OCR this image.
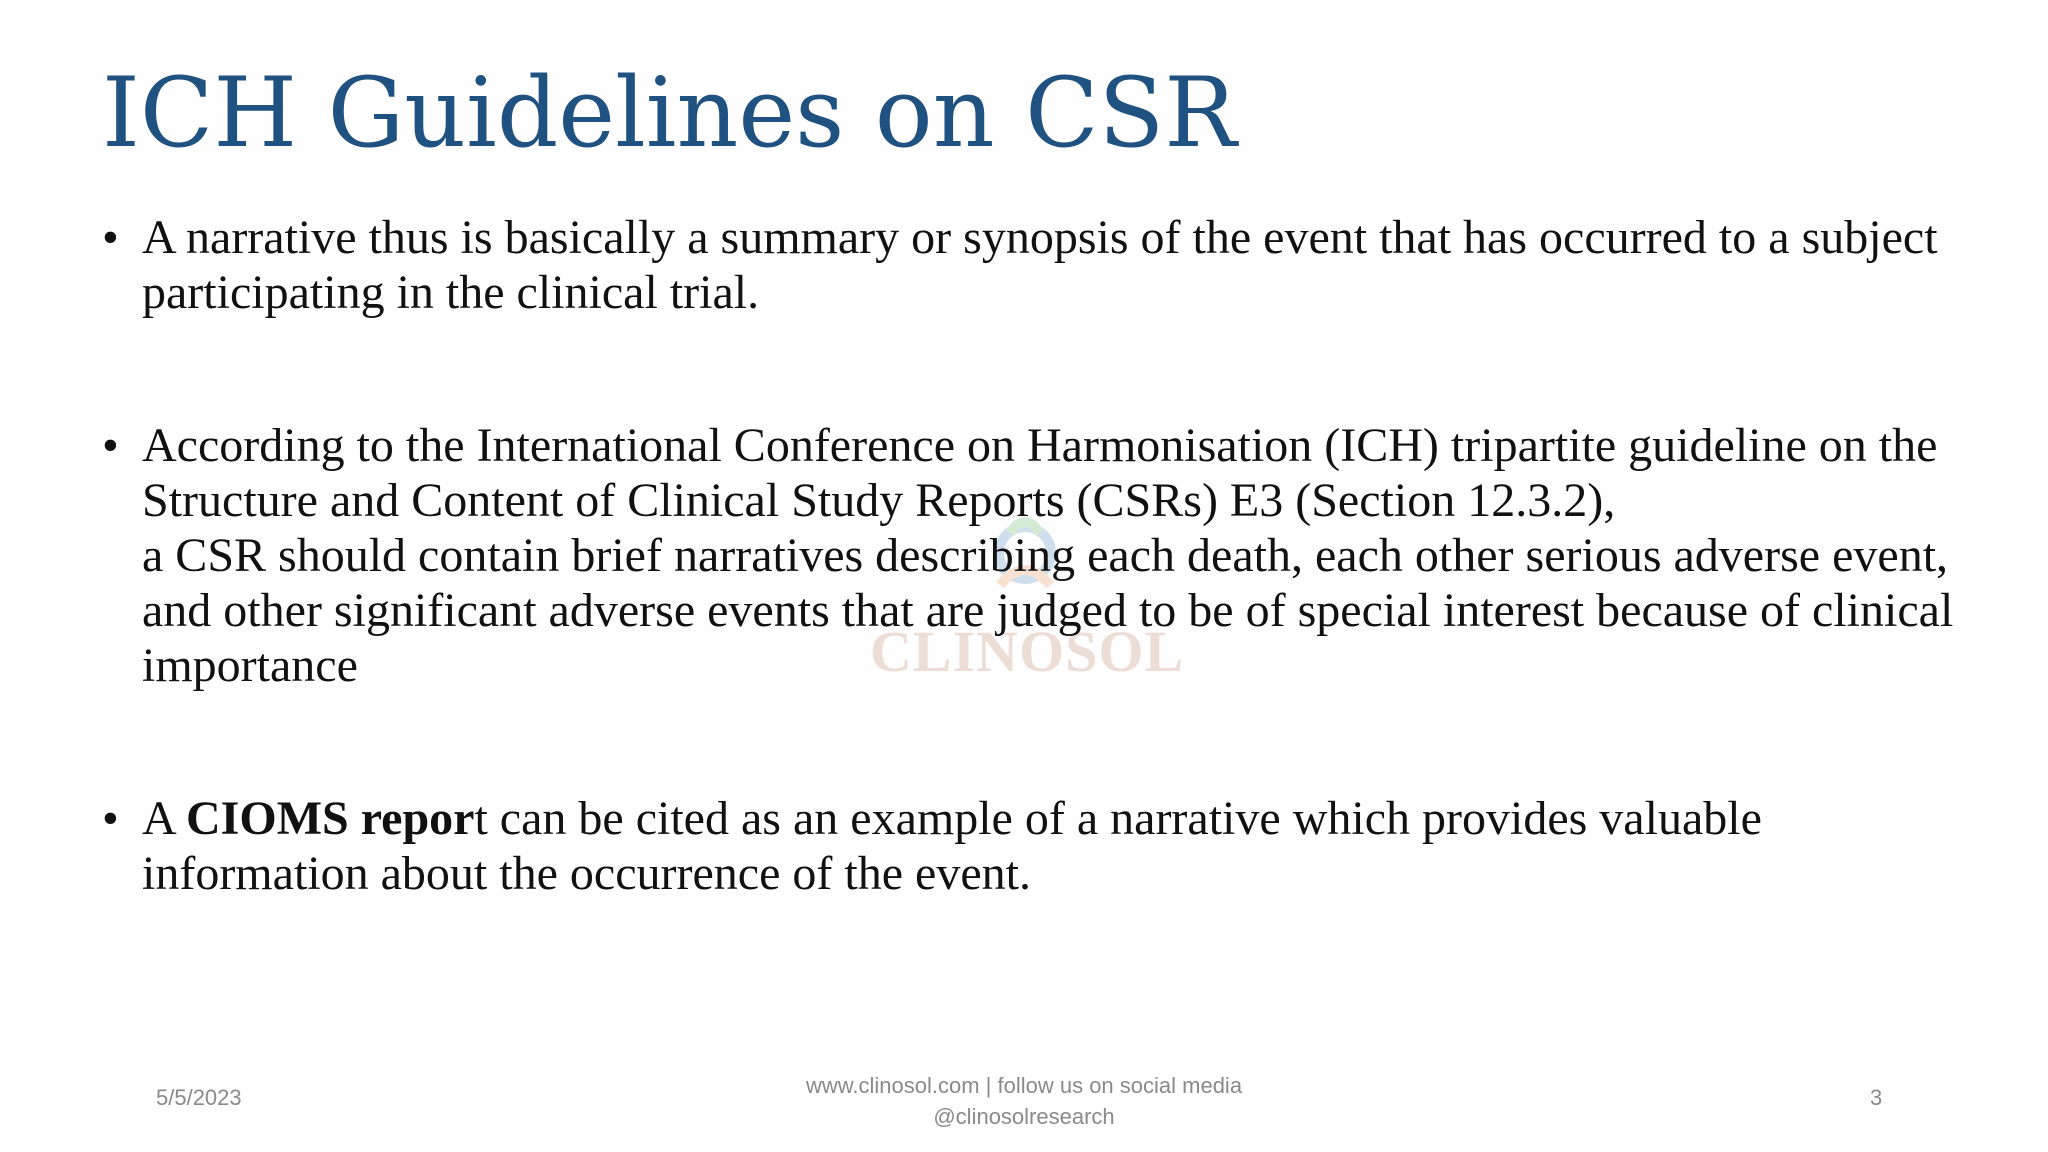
ICH Guidelines on CSR
CLINOSOL
• A narrative thus is basically a summary or synopsis of the event that has occurred to a subject participating in the clinical trial.
• According to the International Conference on Harmonisation (ICH) tripartite guideline on the Structure and Content of Clinical Study Reports (CSRs) E3 (Section 12.3.2),
a CSR should contain brief narratives describing each death, each other serious adverse event, and other significant adverse events that are judged to be of special interest because of clinical importance
• A CIOMS report can be cited as an example of a narrative which provides valuable information about the occurrence of the event.
5/5/2023	www.clinosol.com | follow us on social media
@clinosolresearch
3
